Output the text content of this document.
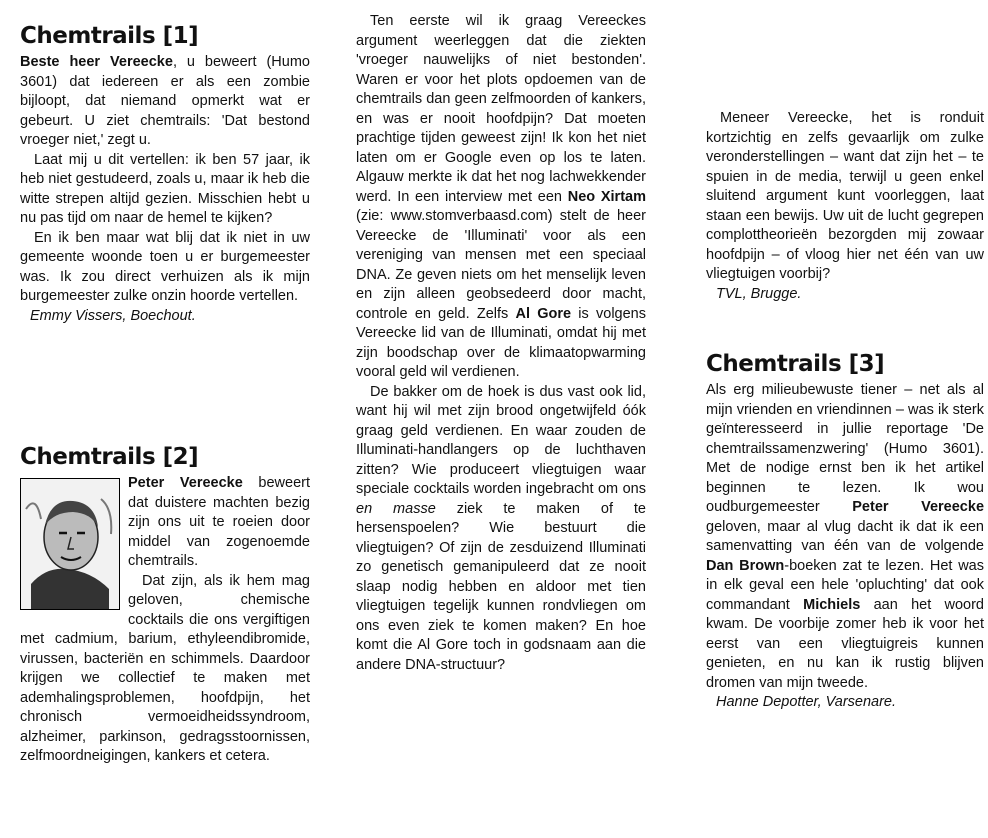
Chemtrails [1]

Beste heer Vereecke, u beweert (Humo 3601) dat iedereen er als een zombie bijloopt, dat niemand opmerkt wat er gebeurt. U ziet chemtrails: 'Dat bestond vroeger niet,' zegt u.

Laat mij u dit vertellen: ik ben 57 jaar, ik heb niet gestudeerd, zoals u, maar ik heb die witte strepen altijd gezien. Misschien hebt u nu pas tijd om naar de hemel te kijken?

En ik ben maar wat blij dat ik niet in uw gemeente woonde toen u er burgemeester was. Ik zou direct verhuizen als ik mijn burgemeester zulke onzin hoorde vertellen.

Emmy Vissers, Boechout.

Chemtrails [2]

Peter Vereecke beweert dat duistere machten bezig zijn ons uit te roeien door middel van zogenoemde chemtrails.

Dat zijn, als ik hem mag geloven, chemische cocktails die ons vergiftigen met cadmium, barium, ethyleendibromide, virussen, bacteriën en schimmels. Daardoor krijgen we collectief te maken met ademhalingsproblemen, hoofdpijn, het chronisch vermoeidheidssyndroom, alzheimer, parkinson, gedragsstoornissen, zelfmoordneigingen, kankers et cetera.

Ten eerste wil ik graag Vereeckes argument weerleggen dat die ziekten 'vroeger nauwelijks of niet bestonden'. Waren er voor het plots opdoemen van de chemtrails dan geen zelfmoorden of kankers, en was er nooit hoofdpijn? Dat moeten prachtige tijden geweest zijn! Ik kon het niet laten om er Google even op los te laten. Algauw merkte ik dat het nog lachwekkender werd. In een interview met een Neo Xirtam (zie: www.stomverbaasd.com) stelt de heer Vereecke de 'Illuminati' voor als een vereniging van mensen met een speciaal DNA. Ze geven niets om het menselijk leven en zijn alleen geobsedeerd door macht, controle en geld. Zelfs Al Gore is volgens Vereecke lid van de Illuminati, omdat hij met zijn boodschap over de klimaatopwarming vooral geld wil verdienen.

De bakker om de hoek is dus vast ook lid, want hij wil met zijn brood ongetwijfeld óók graag geld verdienen. En waar zouden de Illuminati-handlangers op de luchthaven zitten? Wie produceert vliegtuigen waar speciale cocktails worden ingebracht om ons en masse ziek te maken of te hersenspoelen? Wie bestuurt die vliegtuigen? Of zijn de zesduizend Illuminati zo genetisch gemanipuleerd dat ze nooit slaap nodig hebben en aldoor met tien vliegtuigen tegelijk kunnen rondvliegen om ons even ziek te komen maken? En hoe komt die Al Gore toch in godsnaam aan die andere DNA-structuur?

Meneer Vereecke, het is ronduit kortzichtig en zelfs gevaarlijk om zulke veronderstellingen – want dat zijn het – te spuien in de media, terwijl u geen enkel sluitend argument kunt voorleggen, laat staan een bewijs. Uw uit de lucht gegrepen complottheorieën bezorgden mij zowaar hoofdpijn – of vloog hier net één van uw vliegtuigen voorbij?

TVL, Brugge.

Chemtrails [3]

Als erg milieubewuste tiener – net als al mijn vrienden en vriendinnen – was ik sterk geïnteresseerd in jullie reportage 'De chemtrailssamenzwering' (Humo 3601). Met de nodige ernst ben ik het artikel beginnen te lezen. Ik wou oudburgemeester Peter Vereecke geloven, maar al vlug dacht ik dat ik een samenvatting van één van de volgende Dan Brown-boeken zat te lezen. Het was in elk geval een hele 'opluchting' dat ook commandant Michiels aan het woord kwam. De voorbije zomer heb ik voor het eerst van een vliegtuigreis kunnen genieten, en nu kan ik rustig blijven dromen van mijn tweede.

Hanne Depotter, Varsenare.
